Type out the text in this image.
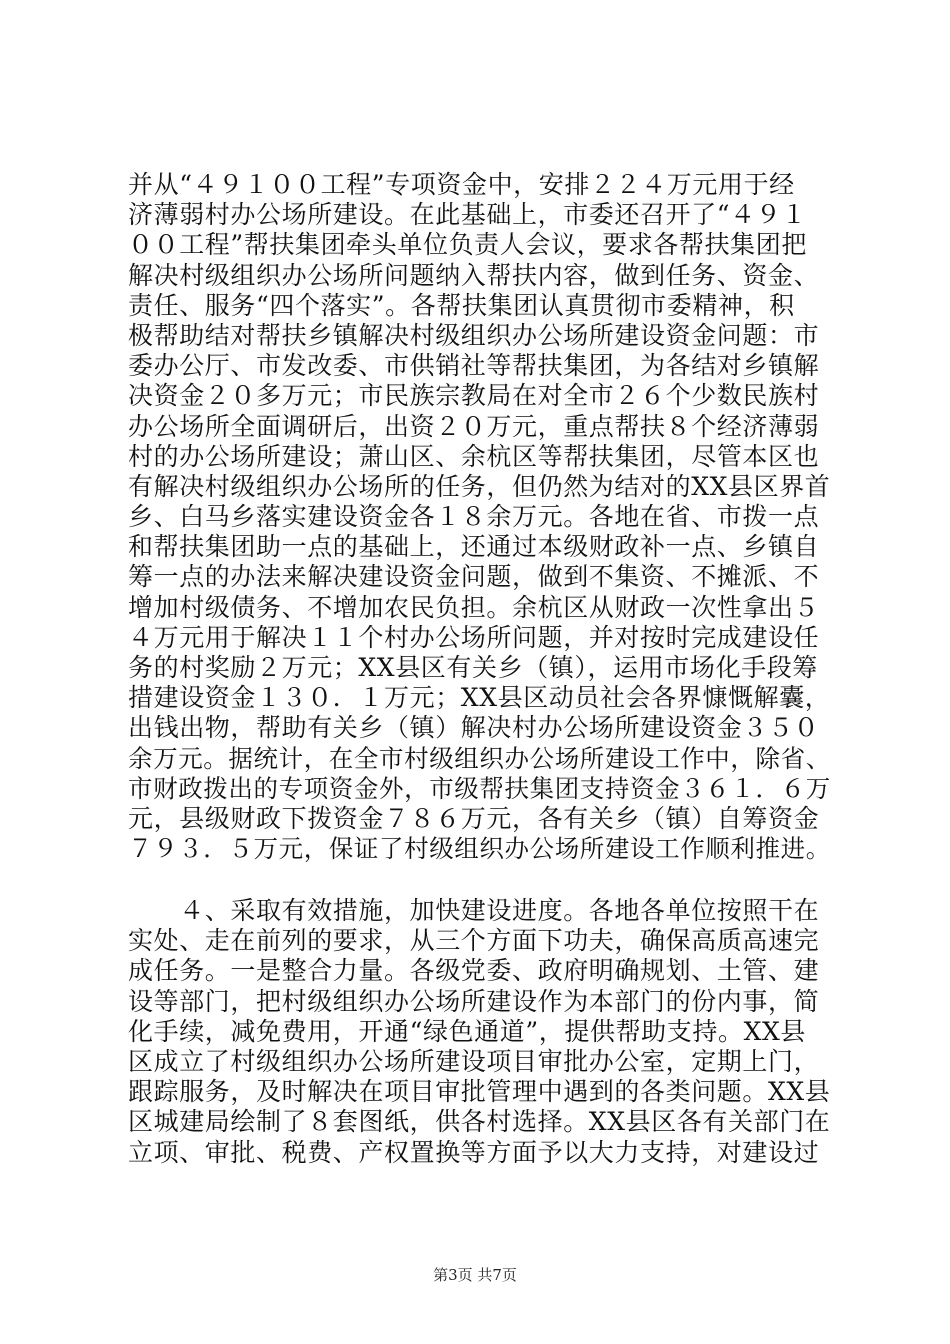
并从“４９１００工程”专项资金中，安排２２４万元用于经
济薄弱村办公场所建设。在此基础上，市委还召开了“４９１
００工程”帮扶集团牵头单位负责人会议，要求各帮扶集团把
解决村级组织办公场所问题纳入帮扶内容，做到任务、资金、
责任、服务“四个落实”。各帮扶集团认真贯彻市委精神，积
极帮助结对帮扶乡镇解决村级组织办公场所建设资金问题：市
委办公厅、市发改委、市供销社等帮扶集团，为各结对乡镇解
决资金２０多万元；市民族宗教局在对全市２６个少数民族村
办公场所全面调研后，出资２０万元，重点帮扶８个经济薄弱
村的办公场所建设；萧山区、余杭区等帮扶集团，尽管本区也
有解决村级组织办公场所的任务，但仍然为结对的XX县区界首
乡、白马乡落实建设资金各１８余万元。各地在省、市拨一点
和帮扶集团助一点的基础上，还通过本级财政补一点、乡镇自
筹一点的办法来解决建设资金问题，做到不集资、不摊派、不
增加村级债务、不增加农民负担。余杭区从财政一次性拿出５
４万元用于解决１１个村办公场所问题，并对按时完成建设任
务的村奖励２万元；XX县区有关乡（镇），运用市场化手段筹
措建设资金１３０．１万元；XX县区动员社会各界慷慨解囊，
出钱出物，帮助有关乡（镇）解决村办公场所建设资金３５０
余万元。据统计，在全市村级组织办公场所建设工作中，除省、
市财政拨出的专项资金外，市级帮扶集团支持资金３６１．６万
元，县级财政下拨资金７８６万元，各有关乡（镇）自筹资金
７９３．５万元，保证了村级组织办公场所建设工作顺利推进。
　　４、采取有效措施，加快建设进度。各地各单位按照干在
实处、走在前列的要求，从三个方面下功夫，确保高质高速完
成任务。一是整合力量。各级党委、政府明确规划、土管、建
设等部门，把村级组织办公场所建设作为本部门的份内事，简
化手续，减免费用，开通“绿色通道”，提供帮助支持。XX县
区成立了村级组织办公场所建设项目审批办公室，定期上门，
跟踪服务，及时解决在项目审批管理中遇到的各类问题。XX县
区城建局绘制了８套图纸，供各村选择。XX县区各有关部门在
立项、审批、税费、产权置换等方面予以大力支持，对建设过
第3页 共7页
